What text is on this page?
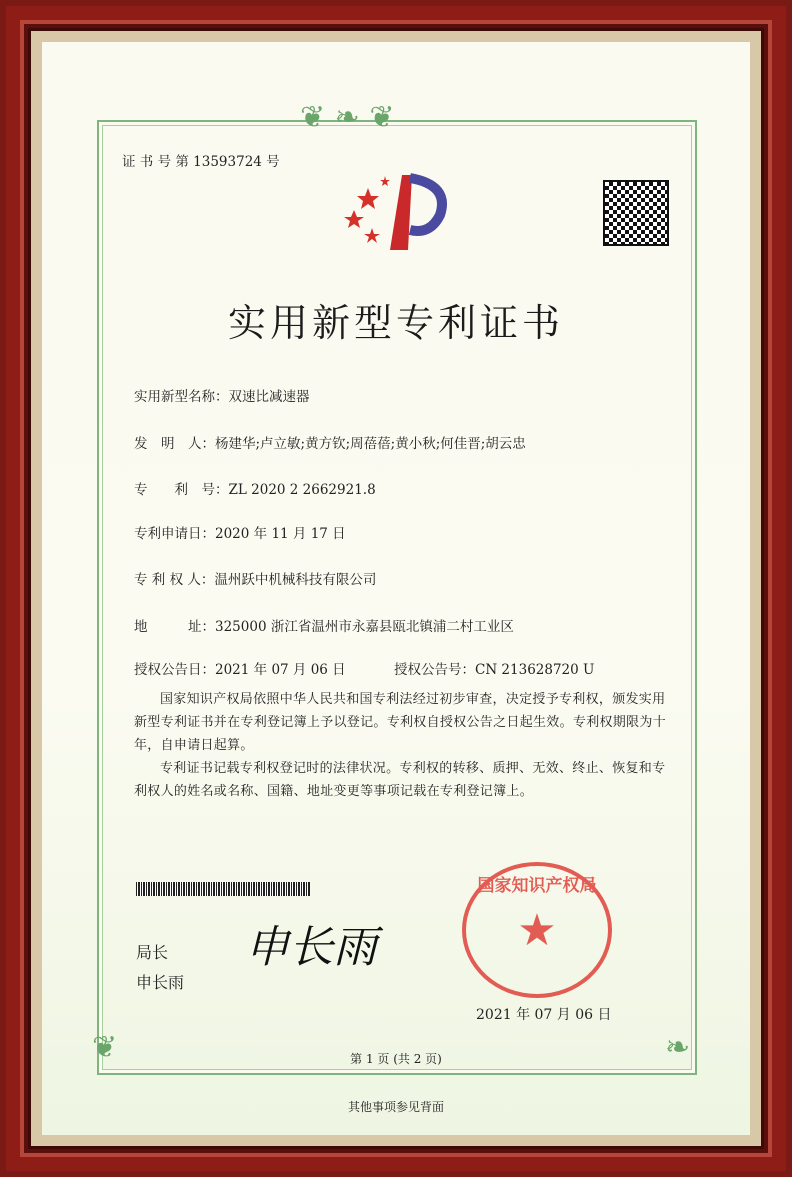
❦ ❧ ❦
❦	❧
证 书 号 第 13593724 号
实用新型专利证书
实用新型名称：双速比减速器
发　明　人：杨建华;卢立敏;黄方钦;周蓓蓓;黄小秋;何佳晋;胡云忠
专　　利　号：ZL 2020 2 2662921.8
专利申请日：2020 年 11 月 17 日
专 利 权 人：温州跃中机械科技有限公司
地　　　址：325000 浙江省温州市永嘉县瓯北镇浦二村工业区
授权公告日：2021 年 07 月 06 日	授权公告号：CN 213628720 U

国家知识产权局依照中华人民共和国专利法经过初步审查，决定授予专利权，颁发实用新型专利证书并在专利登记簿上予以登记。专利权自授权公告之日起生效。专利权期限为十年，自申请日起算。

专利证书记载专利权登记时的法律状况。专利权的转移、质押、无效、终止、恢复和专利权人的姓名或名称、国籍、地址变更等事项记载在专利登记簿上。

局长
申长雨
申长雨
国家知识产权局
★
2021 年 07 月 06 日
第 1 页 (共 2 页)
其他事项参见背面
